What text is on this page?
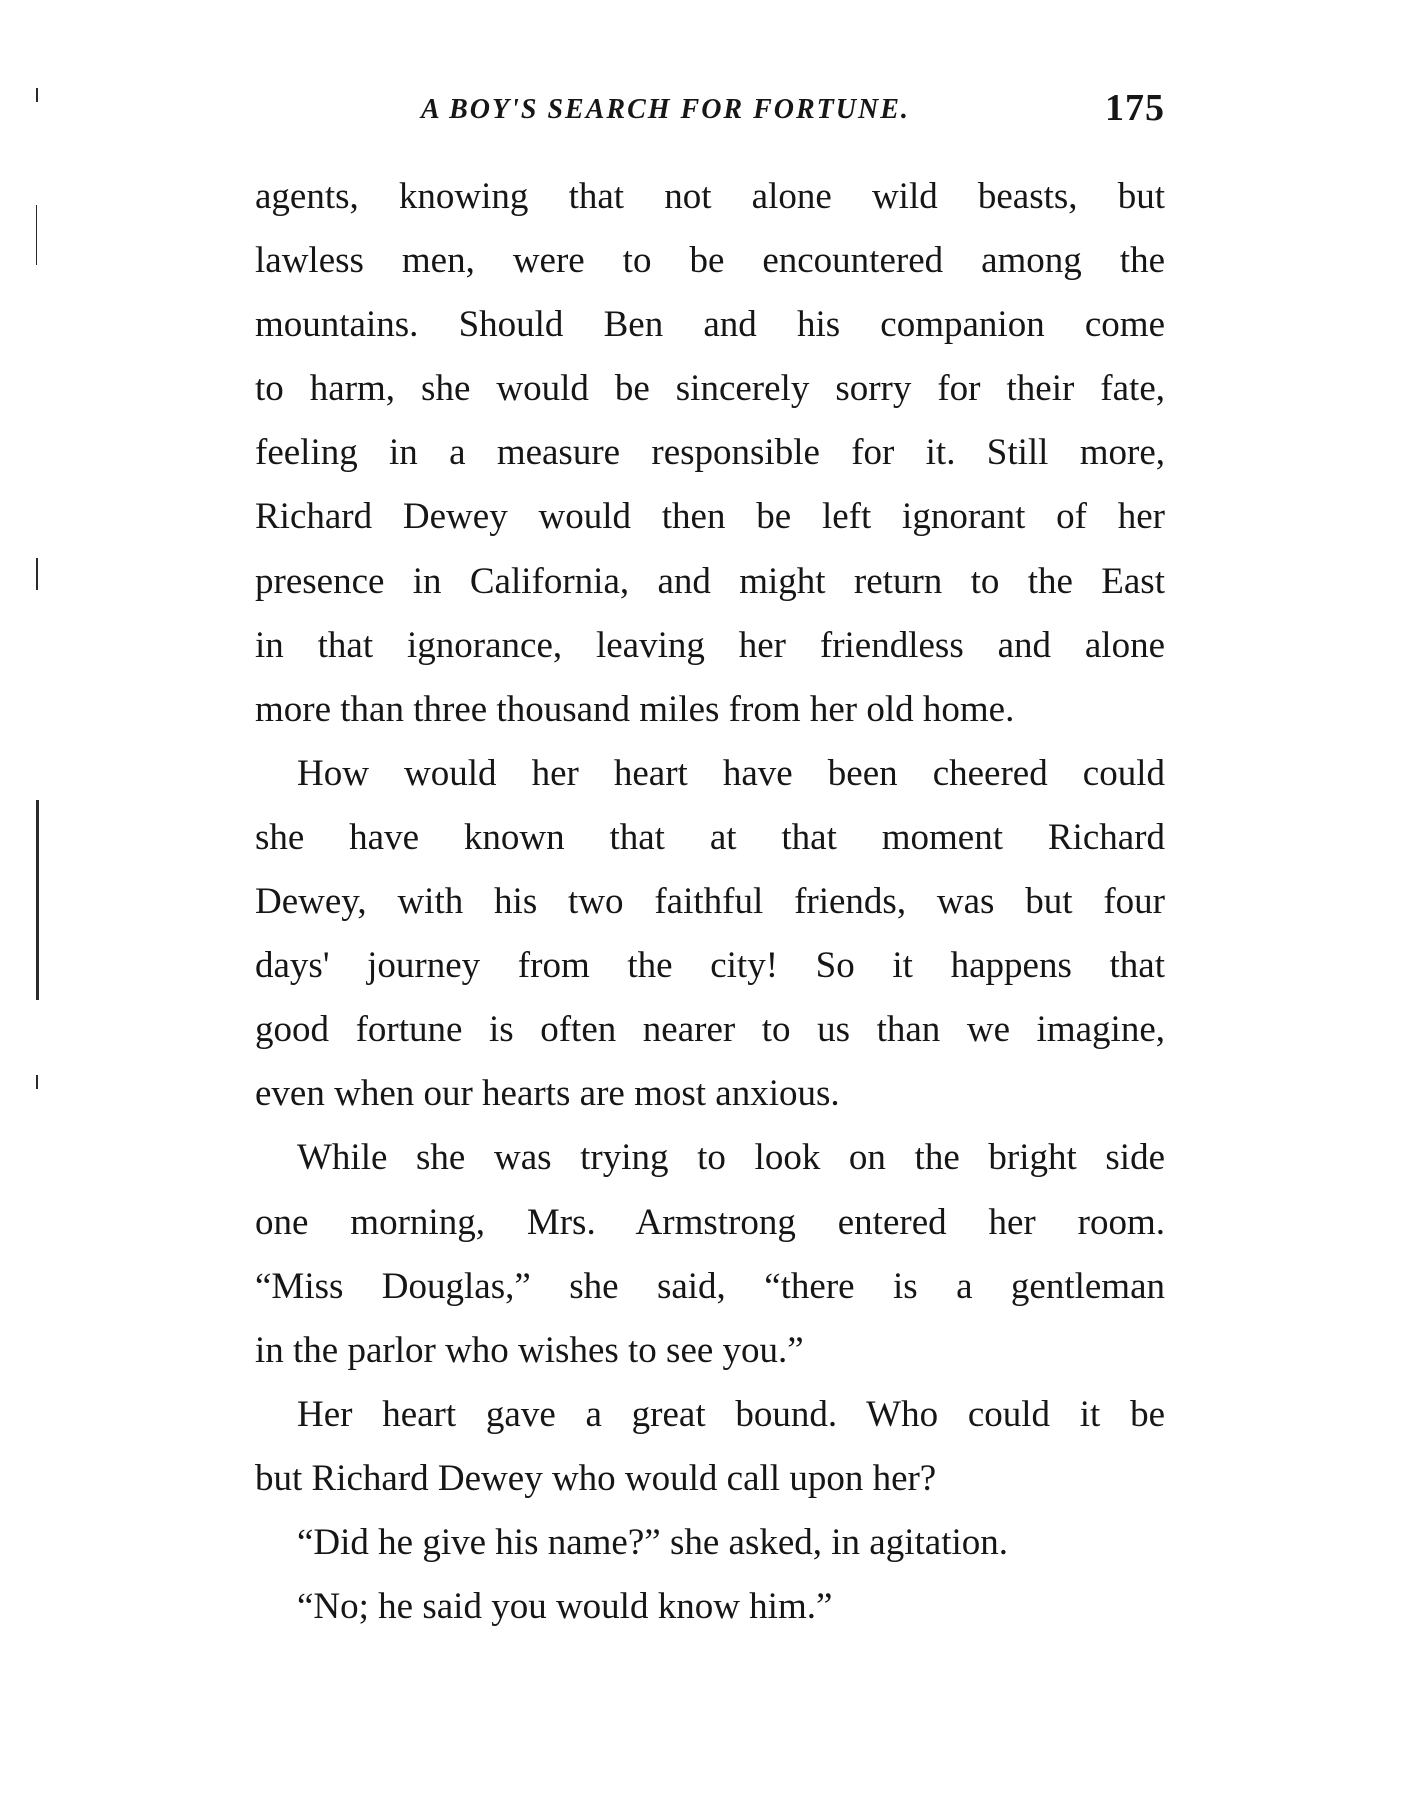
A BOY'S SEARCH FOR FORTUNE.	175

agents, knowing that not alone wild beasts, but
lawless men, were to be encountered among the
mountains. Should Ben and his companion come
to harm, she would be sincerely sorry for their fate,
feeling in a measure responsible for it. Still more,
Richard Dewey would then be left ignorant of her
presence in California, and might return to the East
in that ignorance, leaving her friendless and alone
more than three thousand miles from her old home.

How would her heart have been cheered could
she have known that at that moment Richard
Dewey, with his two faithful friends, was but four
days' journey from the city! So it happens that
good fortune is often nearer to us than we imagine,
even when our hearts are most anxious.

While she was trying to look on the bright side
one morning, Mrs. Armstrong entered her room.
“Miss Douglas,” she said, “there is a gentleman
in the parlor who wishes to see you.”

Her heart gave a great bound. Who could it be
but Richard Dewey who would call upon her?

“Did he give his name?” she asked, in agitation.

“No; he said you would know him.”
